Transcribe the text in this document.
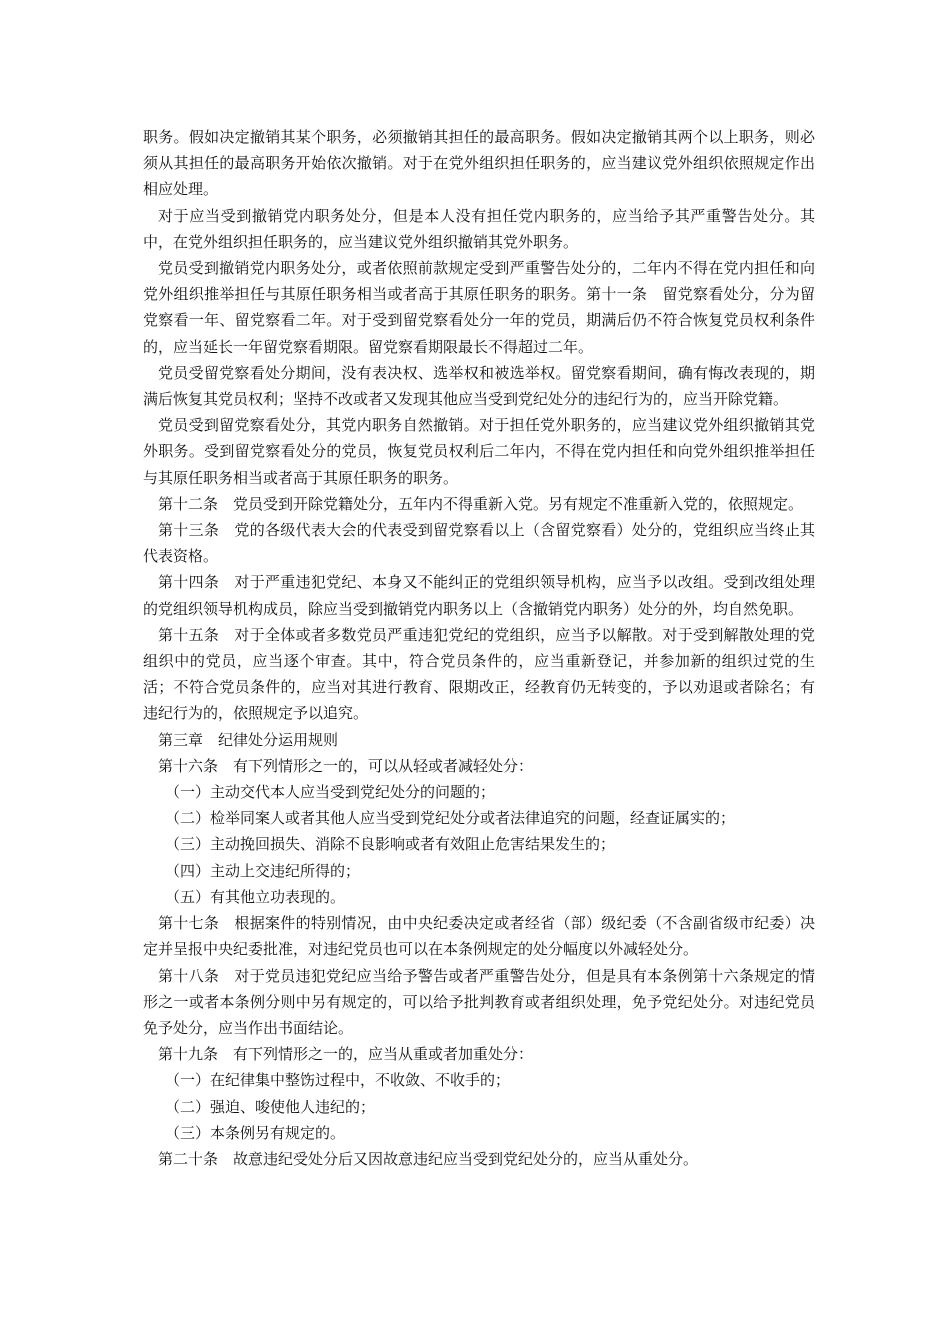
职务。假如决定撤销其某个职务，必须撤销其担任的最高职务。假如决定撤销其两个以上职务，则必须从其担任的最高职务开始依次撤销。对于在党外组织担任职务的，应当建议党外组织依照规定作出相应处理。

对于应当受到撤销党内职务处分，但是本人没有担任党内职务的，应当给予其严重警告处分。其中，在党外组织担任职务的，应当建议党外组织撤销其党外职务。

党员受到撤销党内职务处分，或者依照前款规定受到严重警告处分的，二年内不得在党内担任和向党外组织推举担任与其原任职务相当或者高于其原任职务的职务。第十一条　留党察看处分，分为留党察看一年、留党察看二年。对于受到留党察看处分一年的党员，期满后仍不符合恢复党员权利条件的，应当延长一年留党察看期限。留党察看期限最长不得超过二年。

党员受留党察看处分期间，没有表决权、选举权和被选举权。留党察看期间，确有悔改表现的，期满后恢复其党员权利；坚持不改或者又发现其他应当受到党纪处分的违纪行为的，应当开除党籍。

党员受到留党察看处分，其党内职务自然撤销。对于担任党外职务的，应当建议党外组织撤销其党外职务。受到留党察看处分的党员，恢复党员权利后二年内，不得在党内担任和向党外组织推举担任与其原任职务相当或者高于其原任职务的职务。

第十二条　党员受到开除党籍处分，五年内不得重新入党。另有规定不准重新入党的，依照规定。

第十三条　党的各级代表大会的代表受到留党察看以上（含留党察看）处分的，党组织应当终止其代表资格。

第十四条　对于严重违犯党纪、本身又不能纠正的党组织领导机构，应当予以改组。受到改组处理的党组织领导机构成员，除应当受到撤销党内职务以上（含撤销党内职务）处分的外，均自然免职。

第十五条　对于全体或者多数党员严重违犯党纪的党组织，应当予以解散。对于受到解散处理的党组织中的党员，应当逐个审查。其中，符合党员条件的，应当重新登记，并参加新的组织过党的生活；不符合党员条件的，应当对其进行教育、限期改正，经教育仍无转变的，予以劝退或者除名；有违纪行为的，依照规定予以追究。

第三章　纪律处分运用规则

第十六条　有下列情形之一的，可以从轻或者减轻处分：

（一）主动交代本人应当受到党纪处分的问题的；

（二）检举同案人或者其他人应当受到党纪处分或者法律追究的问题，经查证属实的；

（三）主动挽回损失、消除不良影响或者有效阻止危害结果发生的；

（四）主动上交违纪所得的；

（五）有其他立功表现的。

第十七条　根据案件的特别情况，由中央纪委决定或者经省（部）级纪委（不含副省级市纪委）决定并呈报中央纪委批准，对违纪党员也可以在本条例规定的处分幅度以外减轻处分。

第十八条　对于党员违犯党纪应当给予警告或者严重警告处分，但是具有本条例第十六条规定的情形之一或者本条例分则中另有规定的，可以给予批判教育或者组织处理，免予党纪处分。对违纪党员免予处分，应当作出书面结论。

第十九条　有下列情形之一的，应当从重或者加重处分：

（一）在纪律集中整饬过程中，不收敛、不收手的；

（二）强迫、唆使他人违纪的；

（三）本条例另有规定的。

第二十条　故意违纪受处分后又因故意违纪应当受到党纪处分的，应当从重处分。
